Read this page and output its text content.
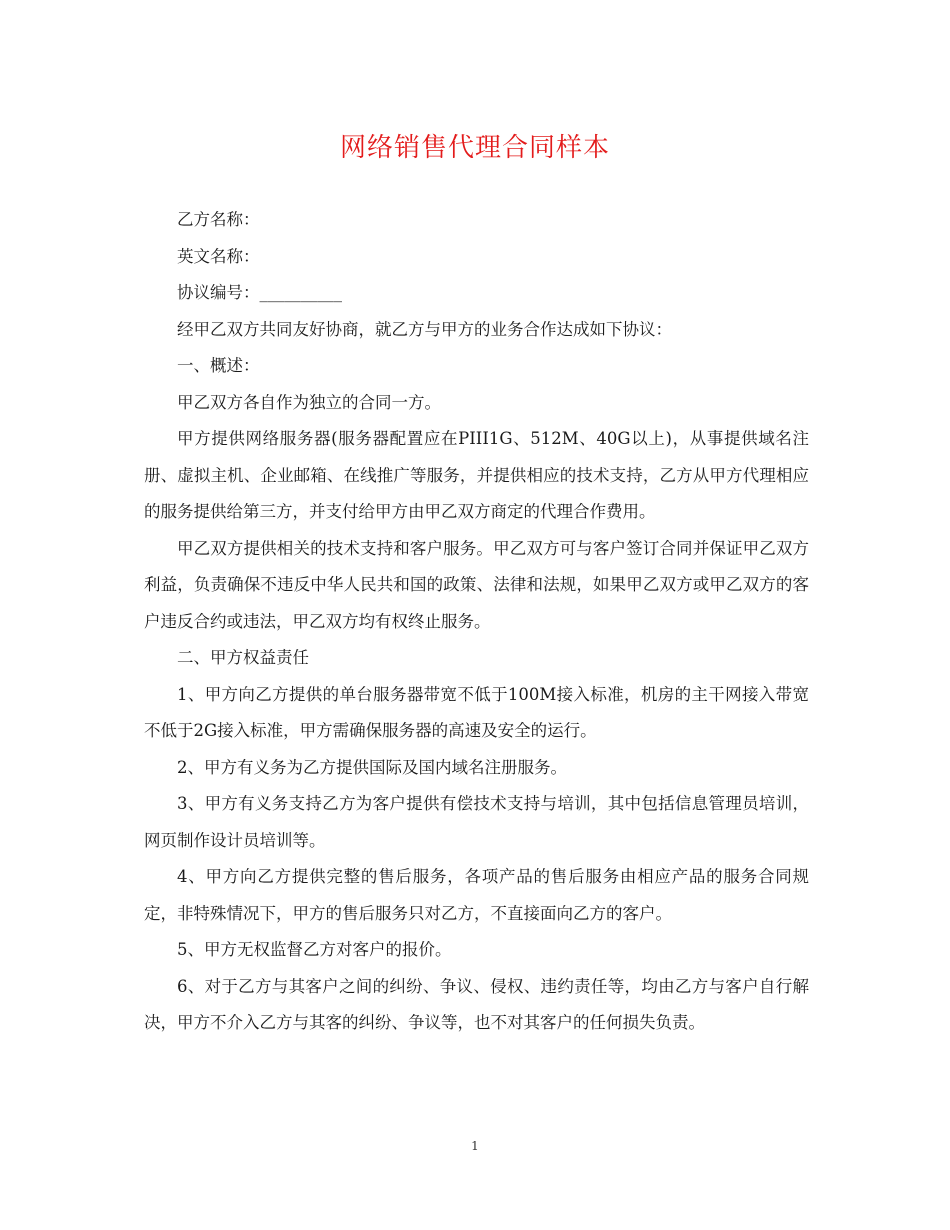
网络销售代理合同样本

乙方名称：

英文名称：

协议编号：__________

经甲乙双方共同友好协商，就乙方与甲方的业务合作达成如下协议：

一、概述：

甲乙双方各自作为独立的合同一方。

甲方提供网络服务器(服务器配置应在PIII1G、512M、40G以上)，从事提供域名注册、虚拟主机、企业邮箱、在线推广等服务，并提供相应的技术支持，乙方从甲方代理相应的服务提供给第三方，并支付给甲方由甲乙双方商定的代理合作费用。

甲乙双方提供相关的技术支持和客户服务。甲乙双方可与客户签订合同并保证甲乙双方利益，负责确保不违反中华人民共和国的政策、法律和法规，如果甲乙双方或甲乙双方的客户违反合约或违法，甲乙双方均有权终止服务。

二、甲方权益责任

1、甲方向乙方提供的单台服务器带宽不低于100M接入标准，机房的主干网接入带宽不低于2G接入标准，甲方需确保服务器的高速及安全的运行。

2、甲方有义务为乙方提供国际及国内域名注册服务。

3、甲方有义务支持乙方为客户提供有偿技术支持与培训，其中包括信息管理员培训，网页制作设计员培训等。

4、甲方向乙方提供完整的售后服务，各项产品的售后服务由相应产品的服务合同规定，非特殊情况下，甲方的售后服务只对乙方，不直接面向乙方的客户。

5、甲方无权监督乙方对客户的报价。

6、对于乙方与其客户之间的纠纷、争议、侵权、违约责任等，均由乙方与客户自行解决，甲方不介入乙方与其客的纠纷、争议等，也不对其客户的任何损失负责。

1
